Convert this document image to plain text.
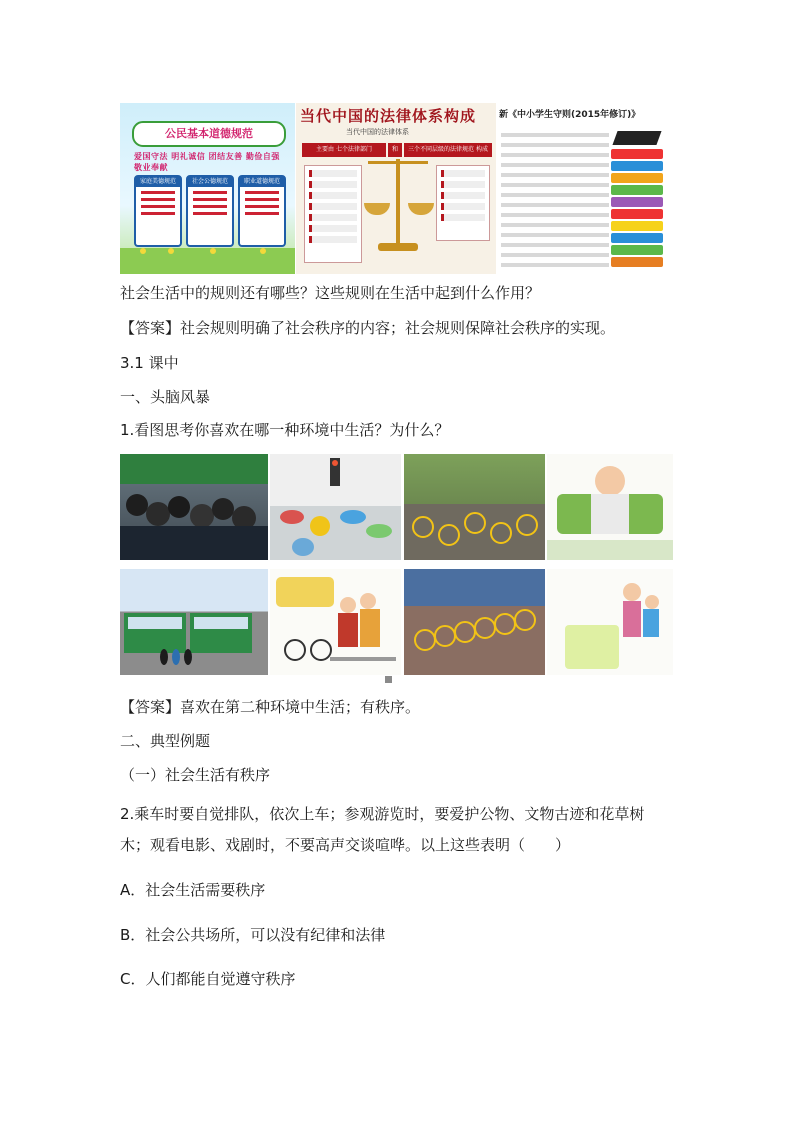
公民基本道德规范
爱国守法 明礼诚信 团结友善 勤俭自强 敬业奉献
家庭美德规范	社会公德规范	职业道德规范
当代中国的法律体系构成
当代中国的法律体系
主要由 七个法律部门	和	三个不同层级的法律规范 构成
新《中小学生守则(2015年修订)》
社会生活中的规则还有哪些？这些规则在生活中起到什么作用？
【答案】社会规则明确了社会秩序的内容；社会规则保障社会秩序的实现。
3.1 课中
一、头脑风暴
1.看图思考你喜欢在哪一种环境中生活？为什么？
【答案】喜欢在第二种环境中生活；有秩序。
二、典型例题
（一）社会生活有秩序
2.乘车时要自觉排队，依次上车；参观游览时，要爱护公物、文物古迹和花草树
木；观看电影、戏剧时，不要高声交谈喧哗。以上这些表明（　　）
A．社会生活需要秩序
B．社会公共场所，可以没有纪律和法律
C．人们都能自觉遵守秩序
